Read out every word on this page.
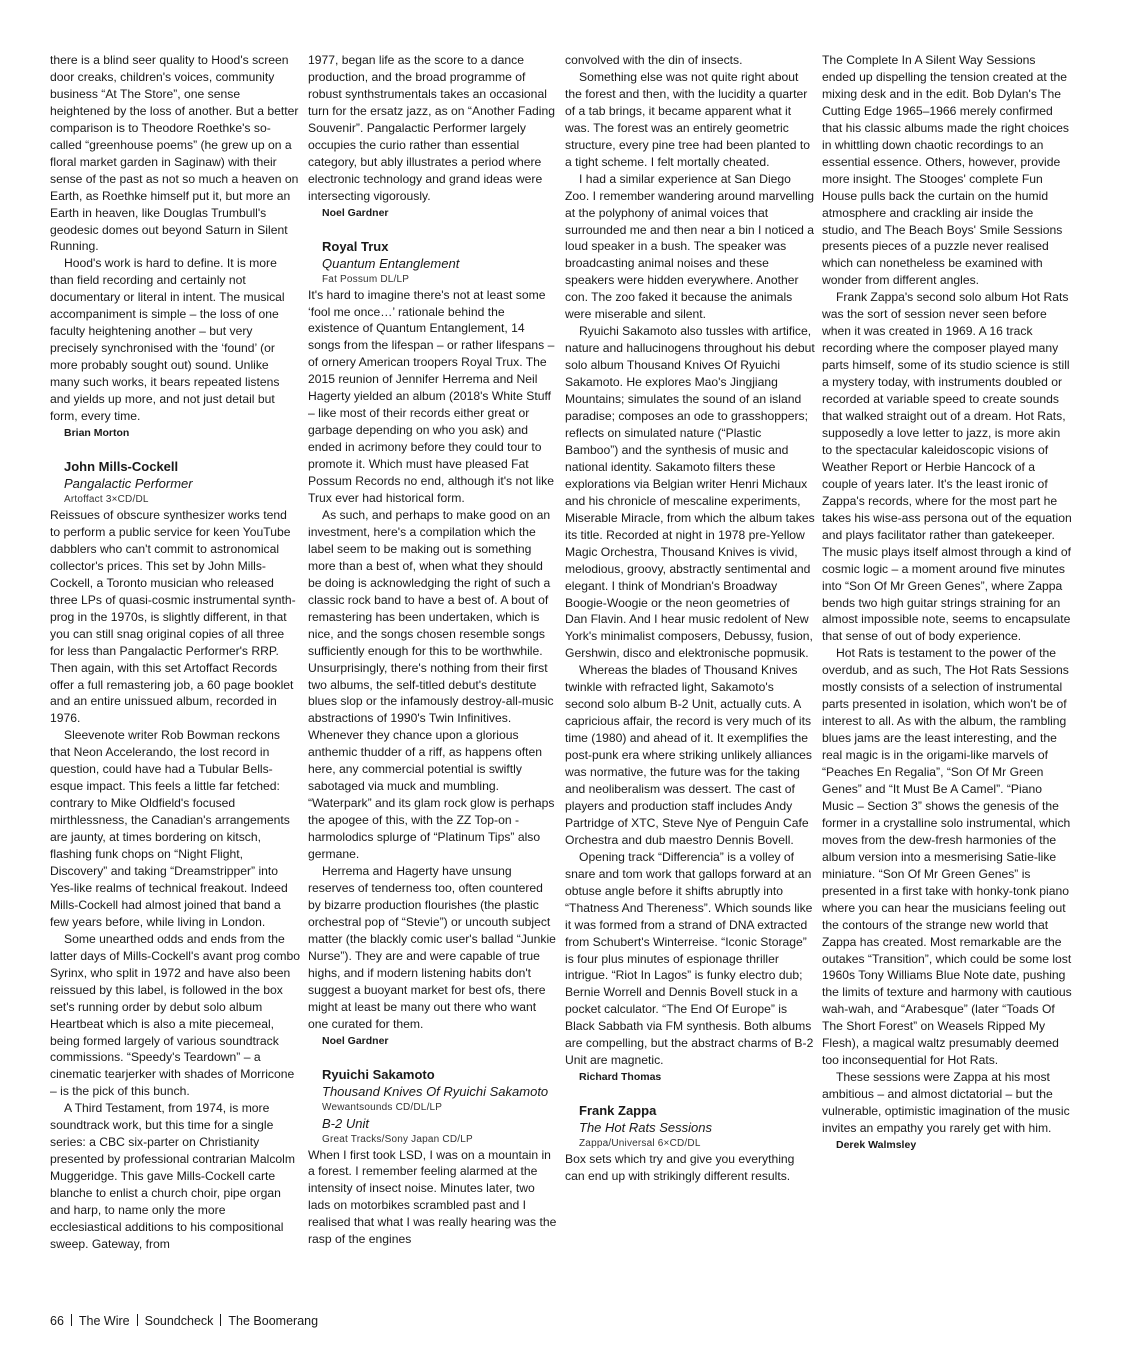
there is a blind seer quality to Hood's screen door creaks, children's voices, community business “At The Store”, one sense heightened by the loss of another. But a better comparison is to Theodore Roethke's so-called “greenhouse poems” (he grew up on a floral market garden in Saginaw) with their sense of the past as not so much a heaven on Earth, as Roethke himself put it, but more an Earth in heaven, like Douglas Trumbull's geodesic domes out beyond Saturn in Silent Running.

Hood's work is hard to define. It is more than field recording and certainly not documentary or literal in intent. The musical accompaniment is simple – the loss of one faculty heightening another – but very precisely synchronised with the ‘found’ (or more probably sought out) sound. Unlike many such works, it bears repeated listens and yields up more, and not just detail but form, every time.

Brian Morton

John Mills-Cockell

Pangalactic Performer

Artoffact 3×CD/DL

Reissues of obscure synthesizer works tend to perform a public service for keen YouTube dabblers who can't commit to astronomical collector's prices. This set by John Mills-Cockell, a Toronto musician who released three LPs of quasi-cosmic instrumental synth-prog in the 1970s, is slightly different, in that you can still snag original copies of all three for less than Pangalactic Performer's RRP. Then again, with this set Artoffact Records offer a full remastering job, a 60 page booklet and an entire unissued album, recorded in 1976.

Sleevenote writer Rob Bowman reckons that Neon Accelerando, the lost record in question, could have had a Tubular Bells-esque impact. This feels a little far fetched: contrary to Mike Oldfield's focused mirthlessness, the Canadian's arrangements are jaunty, at times bordering on kitsch, flashing funk chops on “Night Flight, Discovery” and taking “Dreamstripper” into Yes-like realms of technical freakout. Indeed Mills-Cockell had almost joined that band a few years before, while living in London.

Some unearthed odds and ends from the latter days of Mills-Cockell's avant prog combo Syrinx, who split in 1972 and have also been reissued by this label, is followed in the box set's running order by debut solo album Heartbeat which is also a mite piecemeal, being formed largely of various soundtrack commissions. “Speedy's Teardown” – a cinematic tearjerker with shades of Morricone – is the pick of this bunch.

A Third Testament, from 1974, is more soundtrack work, but this time for a single series: a CBC six-parter on Christianity presented by professional contrarian Malcolm Muggeridge. This gave Mills-Cockell carte blanche to enlist a church choir, pipe organ and harp, to name only the more ecclesiastical additions to his compositional sweep. Gateway, from

1977, began life as the score to a dance production, and the broad programme of robust synthstrumentals takes an occasional turn for the ersatz jazz, as on “Another Fading Souvenir”. Pangalactic Performer largely occupies the curio rather than essential category, but ably illustrates a period where electronic technology and grand ideas were intersecting vigorously.

Noel Gardner

Royal Trux

Quantum Entanglement

Fat Possum DL/LP

It's hard to imagine there's not at least some ‘fool me once…’ rationale behind the existence of Quantum Entanglement, 14 songs from the lifespan – or rather lifespans – of ornery American troopers Royal Trux. The 2015 reunion of Jennifer Herrema and Neil Hagerty yielded an album (2018's White Stuff – like most of their records either great or garbage depending on who you ask) and ended in acrimony before they could tour to promote it. Which must have pleased Fat Possum Records no end, although it's not like Trux ever had historical form.

As such, and perhaps to make good on an investment, here's a compilation which the label seem to be making out is something more than a best of, when what they should be doing is acknowledging the right of such a classic rock band to have a best of. A bout of remastering has been undertaken, which is nice, and the songs chosen resemble songs sufficiently enough for this to be worthwhile. Unsurprisingly, there's nothing from their first two albums, the self-titled debut's destitute blues slop or the infamously destroy-all-music abstractions of 1990's Twin Infinitives. Whenever they chance upon a glorious anthemic thudder of a riff, as happens often here, any commercial potential is swiftly sabotaged via muck and mumbling. “Waterpark” and its glam rock glow is perhaps the apogee of this, with the ZZ Top-on -harmolodics splurge of “Platinum Tips” also germane.

Herrema and Hagerty have unsung reserves of tenderness too, often countered by bizarre production flourishes (the plastic orchestral pop of “Stevie”) or uncouth subject matter (the blackly comic user's ballad “Junkie Nurse”). They are and were capable of true highs, and if modern listening habits don't suggest a buoyant market for best ofs, there might at least be many out there who want one curated for them.

Noel Gardner

Ryuichi Sakamoto

Thousand Knives Of Ryuichi Sakamoto

Wewantsounds CD/DL/LP

B-2 Unit

Great Tracks/Sony Japan CD/LP

When I first took LSD, I was on a mountain in a forest. I remember feeling alarmed at the intensity of insect noise. Minutes later, two lads on motorbikes scrambled past and I realised that what I was really hearing was the rasp of the engines

convolved with the din of insects.

Something else was not quite right about the forest and then, with the lucidity a quarter of a tab brings, it became apparent what it was. The forest was an entirely geometric structure, every pine tree had been planted to a tight scheme. I felt mortally cheated.

I had a similar experience at San Diego Zoo. I remember wandering around marvelling at the polyphony of animal voices that surrounded me and then near a bin I noticed a loud speaker in a bush. The speaker was broadcasting animal noises and these speakers were hidden everywhere. Another con. The zoo faked it because the animals were miserable and silent.

Ryuichi Sakamoto also tussles with artifice, nature and hallucinogens throughout his debut solo album Thousand Knives Of Ryuichi Sakamoto. He explores Mao's Jingjiang Mountains; simulates the sound of an island paradise; composes an ode to grasshoppers; reflects on simulated nature (“Plastic Bamboo”) and the synthesis of music and national identity. Sakamoto filters these explorations via Belgian writer Henri Michaux and his chronicle of mescaline experiments, Miserable Miracle, from which the album takes its title. Recorded at night in 1978 pre-Yellow Magic Orchestra, Thousand Knives is vivid, melodious, groovy, abstractly sentimental and elegant. I think of Mondrian's Broadway Boogie-Woogie or the neon geometries of Dan Flavin. And I hear music redolent of New York's minimalist composers, Debussy, fusion, Gershwin, disco and elektronische popmusik.

Whereas the blades of Thousand Knives twinkle with refracted light, Sakamoto's second solo album B-2 Unit, actually cuts. A capricious affair, the record is very much of its time (1980) and ahead of it. It exemplifies the post-punk era where striking unlikely alliances was normative, the future was for the taking and neoliberalism was dessert. The cast of players and production staff includes Andy Partridge of XTC, Steve Nye of Penguin Cafe Orchestra and dub maestro Dennis Bovell.

Opening track “Differencia” is a volley of snare and tom work that gallops forward at an obtuse angle before it shifts abruptly into “Thatness And Thereness”. Which sounds like it was formed from a strand of DNA extracted from Schubert's Winterreise. “Iconic Storage” is four plus minutes of espionage thriller intrigue. “Riot In Lagos” is funky electro dub; Bernie Worrell and Dennis Bovell stuck in a pocket calculator. “The End Of Europe” is Black Sabbath via FM synthesis. Both albums are compelling, but the abstract charms of B-2 Unit are magnetic.

Richard Thomas

Frank Zappa

The Hot Rats Sessions

Zappa/Universal 6×CD/DL

Box sets which try and give you everything can end up with strikingly different results.

The Complete In A Silent Way Sessions ended up dispelling the tension created at the mixing desk and in the edit. Bob Dylan's The Cutting Edge 1965–1966 merely confirmed that his classic albums made the right choices in whittling down chaotic recordings to an essential essence. Others, however, provide more insight. The Stooges' complete Fun House pulls back the curtain on the humid atmosphere and crackling air inside the studio, and The Beach Boys' Smile Sessions presents pieces of a puzzle never realised which can nonetheless be examined with wonder from different angles.

Frank Zappa's second solo album Hot Rats was the sort of session never seen before when it was created in 1969. A 16 track recording where the composer played many parts himself, some of its studio science is still a mystery today, with instruments doubled or recorded at variable speed to create sounds that walked straight out of a dream. Hot Rats, supposedly a love letter to jazz, is more akin to the spectacular kaleidoscopic visions of Weather Report or Herbie Hancock of a couple of years later. It's the least ironic of Zappa's records, where for the most part he takes his wise-ass persona out of the equation and plays facilitator rather than gatekeeper. The music plays itself almost through a kind of cosmic logic – a moment around five minutes into “Son Of Mr Green Genes”, where Zappa bends two high guitar strings straining for an almost impossible note, seems to encapsulate that sense of out of body experience.

Hot Rats is testament to the power of the overdub, and as such, The Hot Rats Sessions mostly consists of a selection of instrumental parts presented in isolation, which won't be of interest to all. As with the album, the rambling blues jams are the least interesting, and the real magic is in the origami-like marvels of “Peaches En Regalia”, “Son Of Mr Green Genes” and “It Must Be A Camel”. “Piano Music – Section 3” shows the genesis of the former in a crystalline solo instrumental, which moves from the dew-fresh harmonies of the album version into a mesmerising Satie-like miniature. “Son Of Mr Green Genes” is presented in a first take with honky-tonk piano where you can hear the musicians feeling out the contours of the strange new world that Zappa has created. Most remarkable are the outakes “Transition”, which could be some lost 1960s Tony Williams Blue Note date, pushing the limits of texture and harmony with cautious wah-wah, and “Arabesque” (later “Toads Of The Short Forest” on Weasels Ripped My Flesh), a magical waltz presumably deemed too inconsequential for Hot Rats.

These sessions were Zappa at his most ambitious – and almost dictatorial – but the vulnerable, optimistic imagination of the music invites an empathy you rarely get with him.

Derek Walmsley

66 The Wire Soundcheck The Boomerang
